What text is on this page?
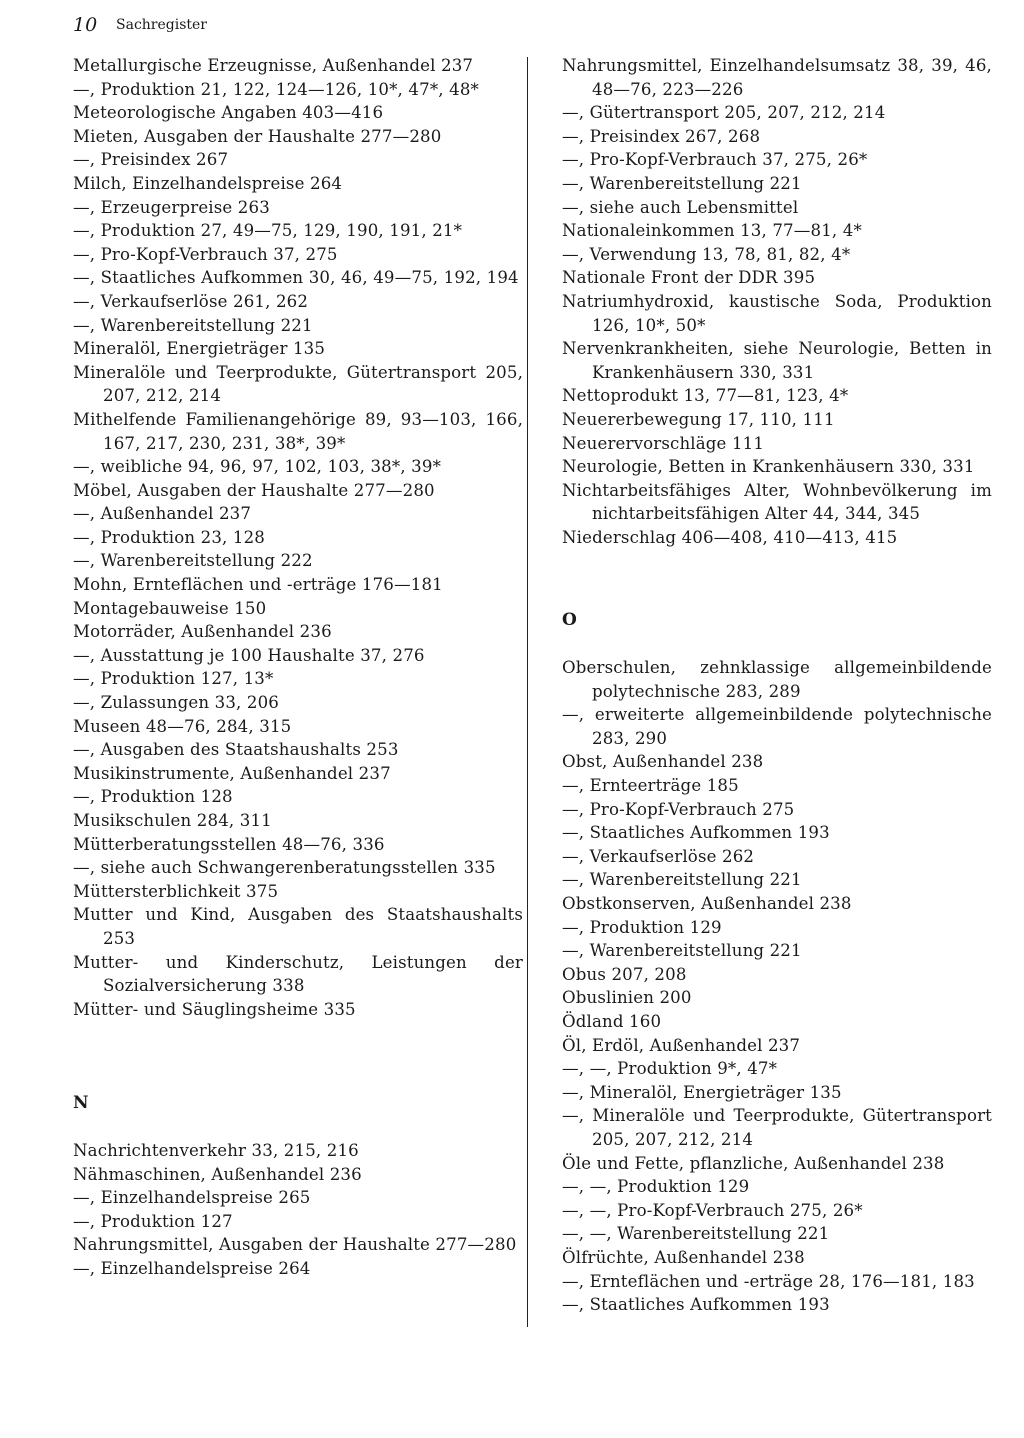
10 Sachregister

Metallurgische Erzeugnisse, Außenhandel 237

—, Produktion 21, 122, 124—126, 10*, 47*, 48*

Meteorologische Angaben 403—416

Mieten, Ausgaben der Haushalte 277—280

—, Preisindex 267

Milch, Einzelhandelspreise 264

—, Erzeugerpreise 263

—, Produktion 27, 49—75, 129, 190, 191, 21*

—, Pro-Kopf-Verbrauch 37, 275

—, Staatliches Aufkommen 30, 46, 49—75, 192, 194

—, Verkaufserlöse 261, 262

—, Warenbereitstellung 221

Mineralöl, Energieträger 135

Mineralöle und Teerprodukte, Gütertransport 205, 207, 212, 214

Mithelfende Familienangehörige 89, 93—103, 166, 167, 217, 230, 231, 38*, 39*

—, weibliche 94, 96, 97, 102, 103, 38*, 39*

Möbel, Ausgaben der Haushalte 277—280

—, Außenhandel 237

—, Produktion 23, 128

—, Warenbereitstellung 222

Mohn, Ernteflächen und -erträge 176—181

Montagebauweise 150

Motorräder, Außenhandel 236

—, Ausstattung je 100 Haushalte 37, 276

—, Produktion 127, 13*

—, Zulassungen 33, 206

Museen 48—76, 284, 315

—, Ausgaben des Staatshaushalts 253

Musikinstrumente, Außenhandel 237

—, Produktion 128

Musikschulen 284, 311

Mütterberatungsstellen 48—76, 336

—, siehe auch Schwangerenberatungsstellen 335

Müttersterblichkeit 375

Mutter und Kind, Ausgaben des Staatshaushalts 253

Mutter- und Kinderschutz, Leistungen der Sozialversicherung 338

Mütter- und Säuglingsheime 335

N

Nachrichtenverkehr 33, 215, 216

Nähmaschinen, Außenhandel 236

—, Einzelhandelspreise 265

—, Produktion 127

Nahrungsmittel, Ausgaben der Haushalte 277—280

—, Einzelhandelspreise 264

Nahrungsmittel, Einzelhandelsumsatz 38, 39, 46, 48—76, 223—226

—, Gütertransport 205, 207, 212, 214

—, Preisindex 267, 268

—, Pro-Kopf-Verbrauch 37, 275, 26*

—, Warenbereitstellung 221

—, siehe auch Lebensmittel

Nationaleinkommen 13, 77—81, 4*

—, Verwendung 13, 78, 81, 82, 4*

Nationale Front der DDR 395

Natriumhydroxid, kaustische Soda, Produktion 126, 10*, 50*

Nervenkrankheiten, siehe Neurologie, Betten in Krankenhäusern 330, 331

Nettoprodukt 13, 77—81, 123, 4*

Neuererbewegung 17, 110, 111

Neuerervorschläge 111

Neurologie, Betten in Krankenhäusern 330, 331

Nichtarbeitsfähiges Alter, Wohnbevölkerung im nichtarbeitsfähigen Alter 44, 344, 345

Niederschlag 406—408, 410—413, 415

O

Oberschulen, zehnklassige allgemeinbildende polytechnische 283, 289

—, erweiterte allgemeinbildende polytechnische 283, 290

Obst, Außenhandel 238

—, Ernteerträge 185

—, Pro-Kopf-Verbrauch 275

—, Staatliches Aufkommen 193

—, Verkaufserlöse 262

—, Warenbereitstellung 221

Obstkonserven, Außenhandel 238

—, Produktion 129

—, Warenbereitstellung 221

Obus 207, 208

Obuslinien 200

Ödland 160

Öl, Erdöl, Außenhandel 237

—, —, Produktion 9*, 47*

—, Mineralöl, Energieträger 135

—, Mineralöle und Teerprodukte, Gütertransport 205, 207, 212, 214

Öle und Fette, pflanzliche, Außenhandel 238

—, —, Produktion 129

—, —, Pro-Kopf-Verbrauch 275, 26*

—, —, Warenbereitstellung 221

Ölfrüchte, Außenhandel 238

—, Ernteflächen und -erträge 28, 176—181, 183

—, Staatliches Aufkommen 193
